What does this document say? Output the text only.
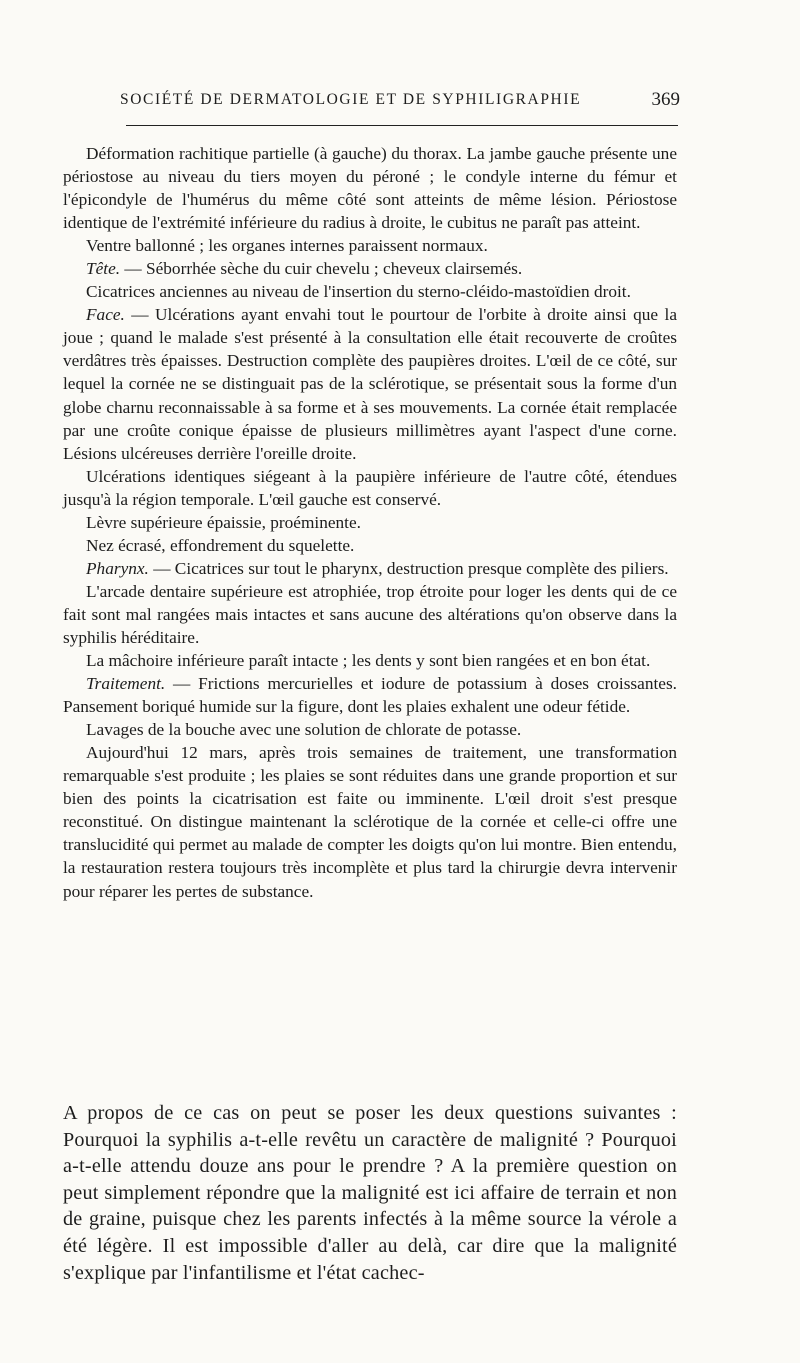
SOCIÉTÉ DE DERMATOLOGIE ET DE SYPHILIGRAPHIE	369

Déformation rachitique partielle (à gauche) du thorax. La jambe gauche présente une périostose au niveau du tiers moyen du péroné ; le condyle interne du fémur et l'épicondyle de l'humérus du même côté sont atteints de même lésion. Périostose identique de l'extrémité inférieure du radius à droite, le cubitus ne paraît pas atteint.

Ventre ballonné ; les organes internes paraissent normaux.

Tête. — Séborrhée sèche du cuir chevelu ; cheveux clairsemés.

Cicatrices anciennes au niveau de l'insertion du sterno-cléido-mastoïdien droit.

Face. — Ulcérations ayant envahi tout le pourtour de l'orbite à droite ainsi que la joue ; quand le malade s'est présenté à la consultation elle était recouverte de croûtes verdâtres très épaisses. Destruction complète des paupières droites. L'œil de ce côté, sur lequel la cornée ne se distinguait pas de la sclérotique, se présentait sous la forme d'un globe charnu reconnaissable à sa forme et à ses mouvements. La cornée était remplacée par une croûte conique épaisse de plusieurs millimètres ayant l'aspect d'une corne. Lésions ulcéreuses derrière l'oreille droite.

Ulcérations identiques siégeant à la paupière inférieure de l'autre côté, étendues jusqu'à la région temporale. L'œil gauche est conservé.

Lèvre supérieure épaissie, proéminente.

Nez écrasé, effondrement du squelette.

Pharynx. — Cicatrices sur tout le pharynx, destruction presque complète des piliers.

L'arcade dentaire supérieure est atrophiée, trop étroite pour loger les dents qui de ce fait sont mal rangées mais intactes et sans aucune des altérations qu'on observe dans la syphilis héréditaire.

La mâchoire inférieure paraît intacte ; les dents y sont bien rangées et en bon état.

Traitement. — Frictions mercurielles et iodure de potassium à doses croissantes. Pansement boriqué humide sur la figure, dont les plaies exhalent une odeur fétide.

Lavages de la bouche avec une solution de chlorate de potasse.

Aujourd'hui 12 mars, après trois semaines de traitement, une transformation remarquable s'est produite ; les plaies se sont réduites dans une grande proportion et sur bien des points la cicatrisation est faite ou imminente. L'œil droit s'est presque reconstitué. On distingue maintenant la sclérotique de la cornée et celle-ci offre une translucidité qui permet au malade de compter les doigts qu'on lui montre. Bien entendu, la restauration restera toujours très incomplète et plus tard la chirurgie devra intervenir pour réparer les pertes de substance.

A propos de ce cas on peut se poser les deux questions suivantes : Pourquoi la syphilis a-t-elle revêtu un caractère de malignité ? Pourquoi a-t-elle attendu douze ans pour le prendre ? A la première question on peut simplement répondre que la malignité est ici affaire de terrain et non de graine, puisque chez les parents infectés à la même source la vérole a été légère. Il est impossible d'aller au delà, car dire que la malignité s'explique par l'infantilisme et l'état cachec-
